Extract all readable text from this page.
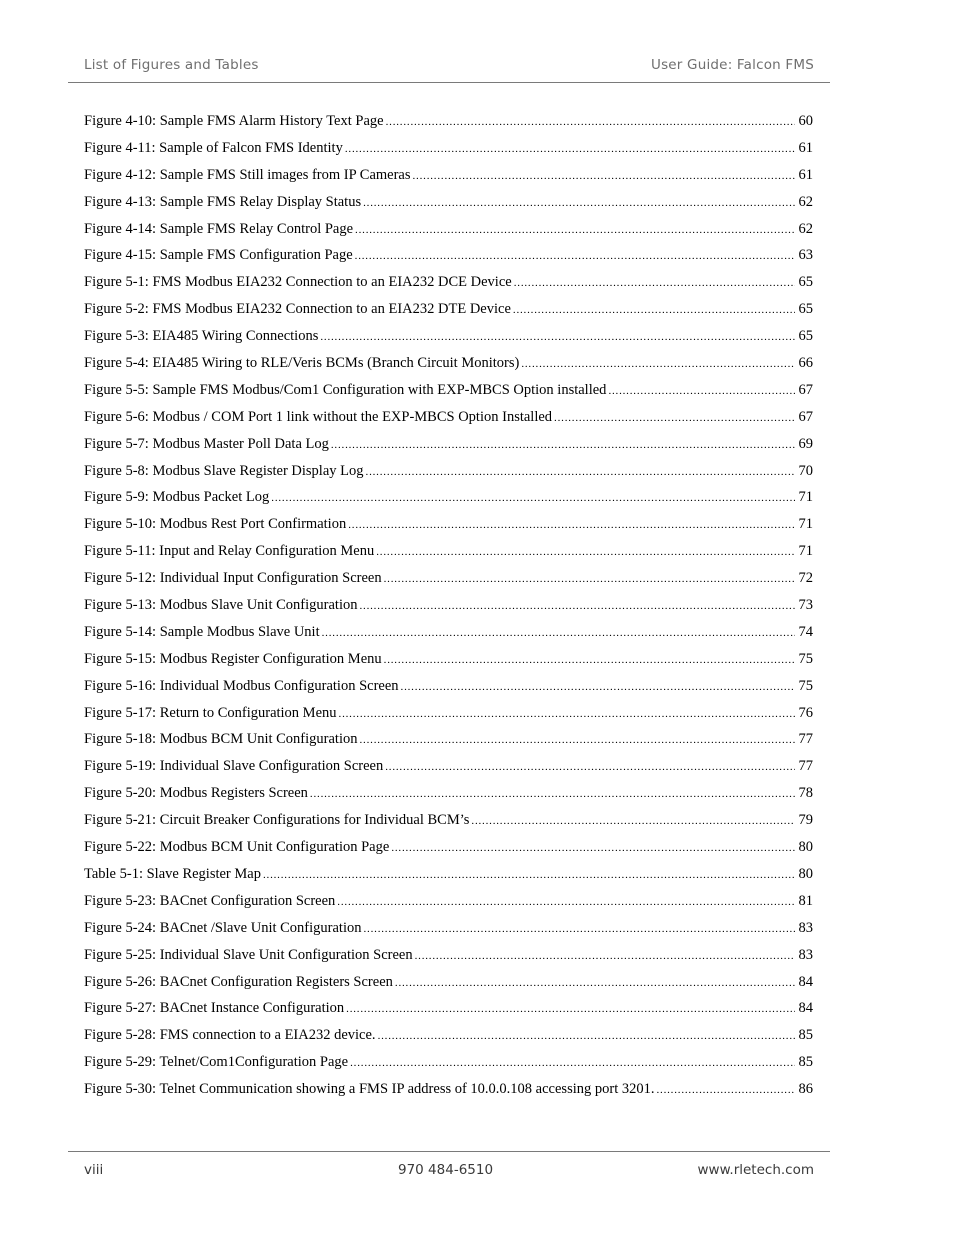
List of Figures and Tables	User Guide: Falcon FMS
Figure 4-10: Sample FMS Alarm History Text Page .....	60
Figure 4-11: Sample of Falcon FMS Identity .....	61
Figure 4-12: Sample FMS Still images from IP Cameras .....	61
Figure 4-13: Sample FMS Relay Display Status .....	62
Figure 4-14: Sample FMS Relay Control Page .....	62
Figure 4-15: Sample FMS Configuration Page .....	63
Figure 5-1: FMS Modbus EIA232 Connection to an EIA232 DCE Device .....	65
Figure 5-2: FMS Modbus EIA232 Connection to an EIA232 DTE Device .....	65
Figure 5-3: EIA485 Wiring Connections .....	65
Figure 5-4: EIA485 Wiring to RLE/Veris BCMs (Branch Circuit Monitors) .....	66
Figure 5-5: Sample FMS Modbus/Com1 Configuration with EXP-MBCS Option installed .....	67
Figure 5-6: Modbus / COM Port 1 link without the EXP-MBCS Option Installed .....	67
Figure 5-7: Modbus Master Poll Data Log .....	69
Figure 5-8: Modbus Slave Register Display Log .....	70
Figure 5-9: Modbus Packet Log .....	71
Figure 5-10: Modbus Rest Port Confirmation .....	71
Figure 5-11: Input and Relay Configuration Menu .....	71
Figure 5-12: Individual Input Configuration Screen .....	72
Figure 5-13: Modbus Slave Unit Configuration .....	73
Figure 5-14: Sample Modbus Slave Unit .....	74
Figure 5-15: Modbus Register Configuration Menu .....	75
Figure 5-16: Individual Modbus Configuration Screen .....	75
Figure 5-17: Return to Configuration Menu .....	76
Figure 5-18: Modbus BCM Unit Configuration .....	77
Figure 5-19: Individual Slave Configuration Screen .....	77
Figure 5-20: Modbus Registers Screen .....	78
Figure 5-21: Circuit Breaker Configurations for Individual BCM’s .....	79
Figure 5-22: Modbus BCM Unit Configuration Page .....	80
Table 5-1: Slave Register Map .....	80
Figure 5-23: BACnet Configuration Screen .....	81
Figure 5-24: BACnet /Slave Unit Configuration .....	83
Figure 5-25: Individual Slave Unit Configuration Screen .....	83
Figure 5-26: BACnet Configuration Registers Screen .....	84
Figure 5-27: BACnet Instance Configuration .....	84
Figure 5-28: FMS connection to a EIA232 device. .....	85
Figure 5-29: Telnet/Com1Configuration Page .....	85
Figure 5-30: Telnet Communication showing a FMS IP address of 10.0.0.108 accessing port 3201. .....	86
viii	970 484-6510	www.rletech.com
